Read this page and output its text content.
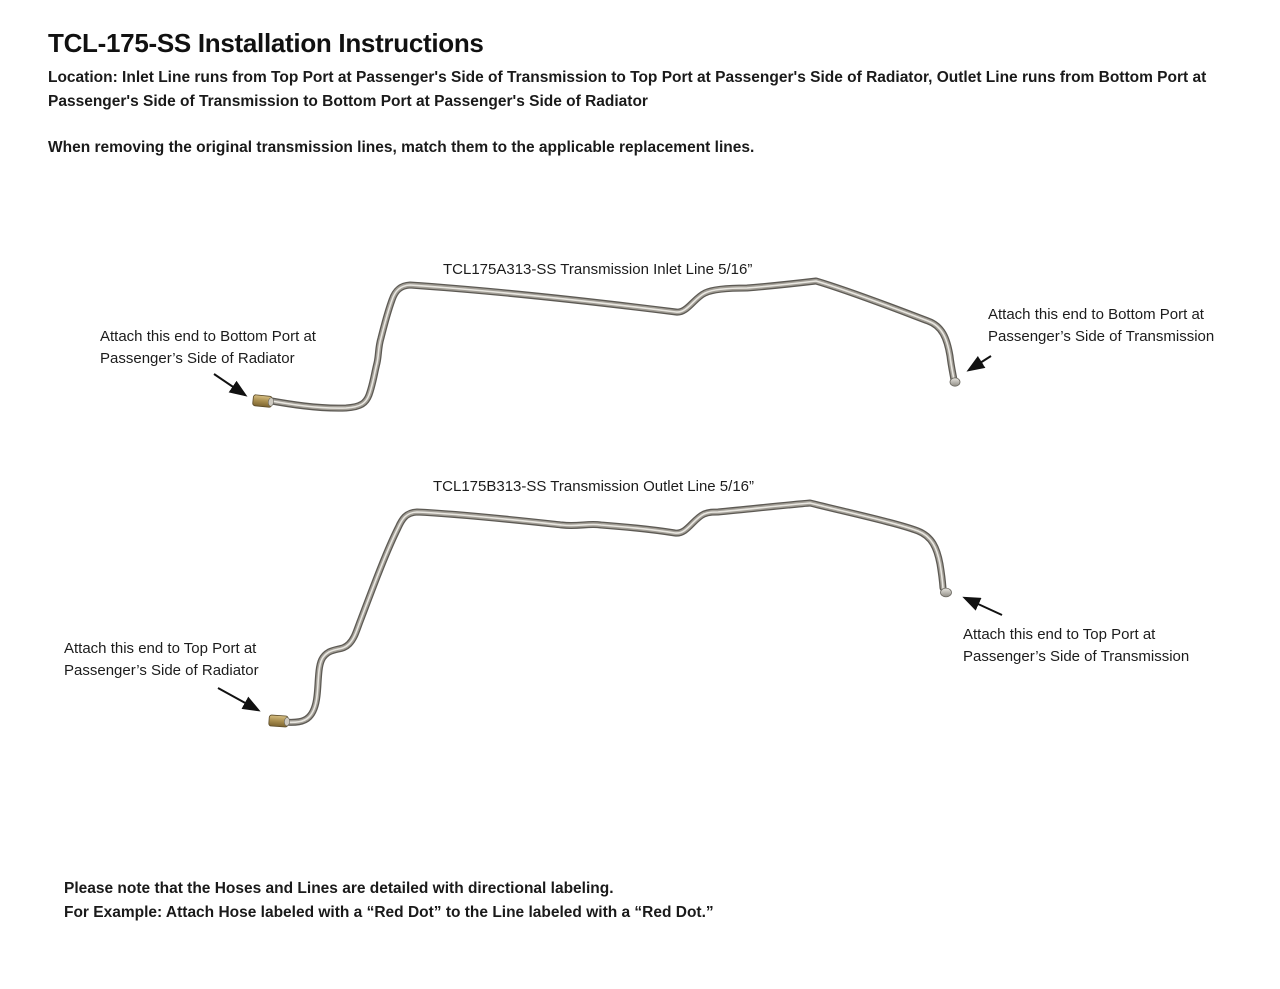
TCL-175-SS Installation Instructions

Location: Inlet Line runs from Top Port at Passenger's Side of Transmission to Top Port at Passenger's Side of Radiator, Outlet Line runs from Bottom Port at Passenger's Side of Transmission to Bottom Port at Passenger's Side of Radiator

When removing the original transmission lines, match them to the applicable replacement lines.

TCL175A313-SS Transmission Inlet Line 5/16”
Attach this end to Bottom Port at
Passenger’s Side of Radiator
Attach this end to Bottom Port at
Passenger’s Side of Transmission
TCL175B313-SS Transmission Outlet Line 5/16”
Attach this end to Top Port at
Passenger’s Side of Radiator
Attach this end to Top Port at
Passenger’s Side of Transmission
Please note that the Hoses and Lines are detailed with directional labeling.
For Example: Attach Hose labeled with a “Red Dot” to the Line labeled with a “Red Dot.”
